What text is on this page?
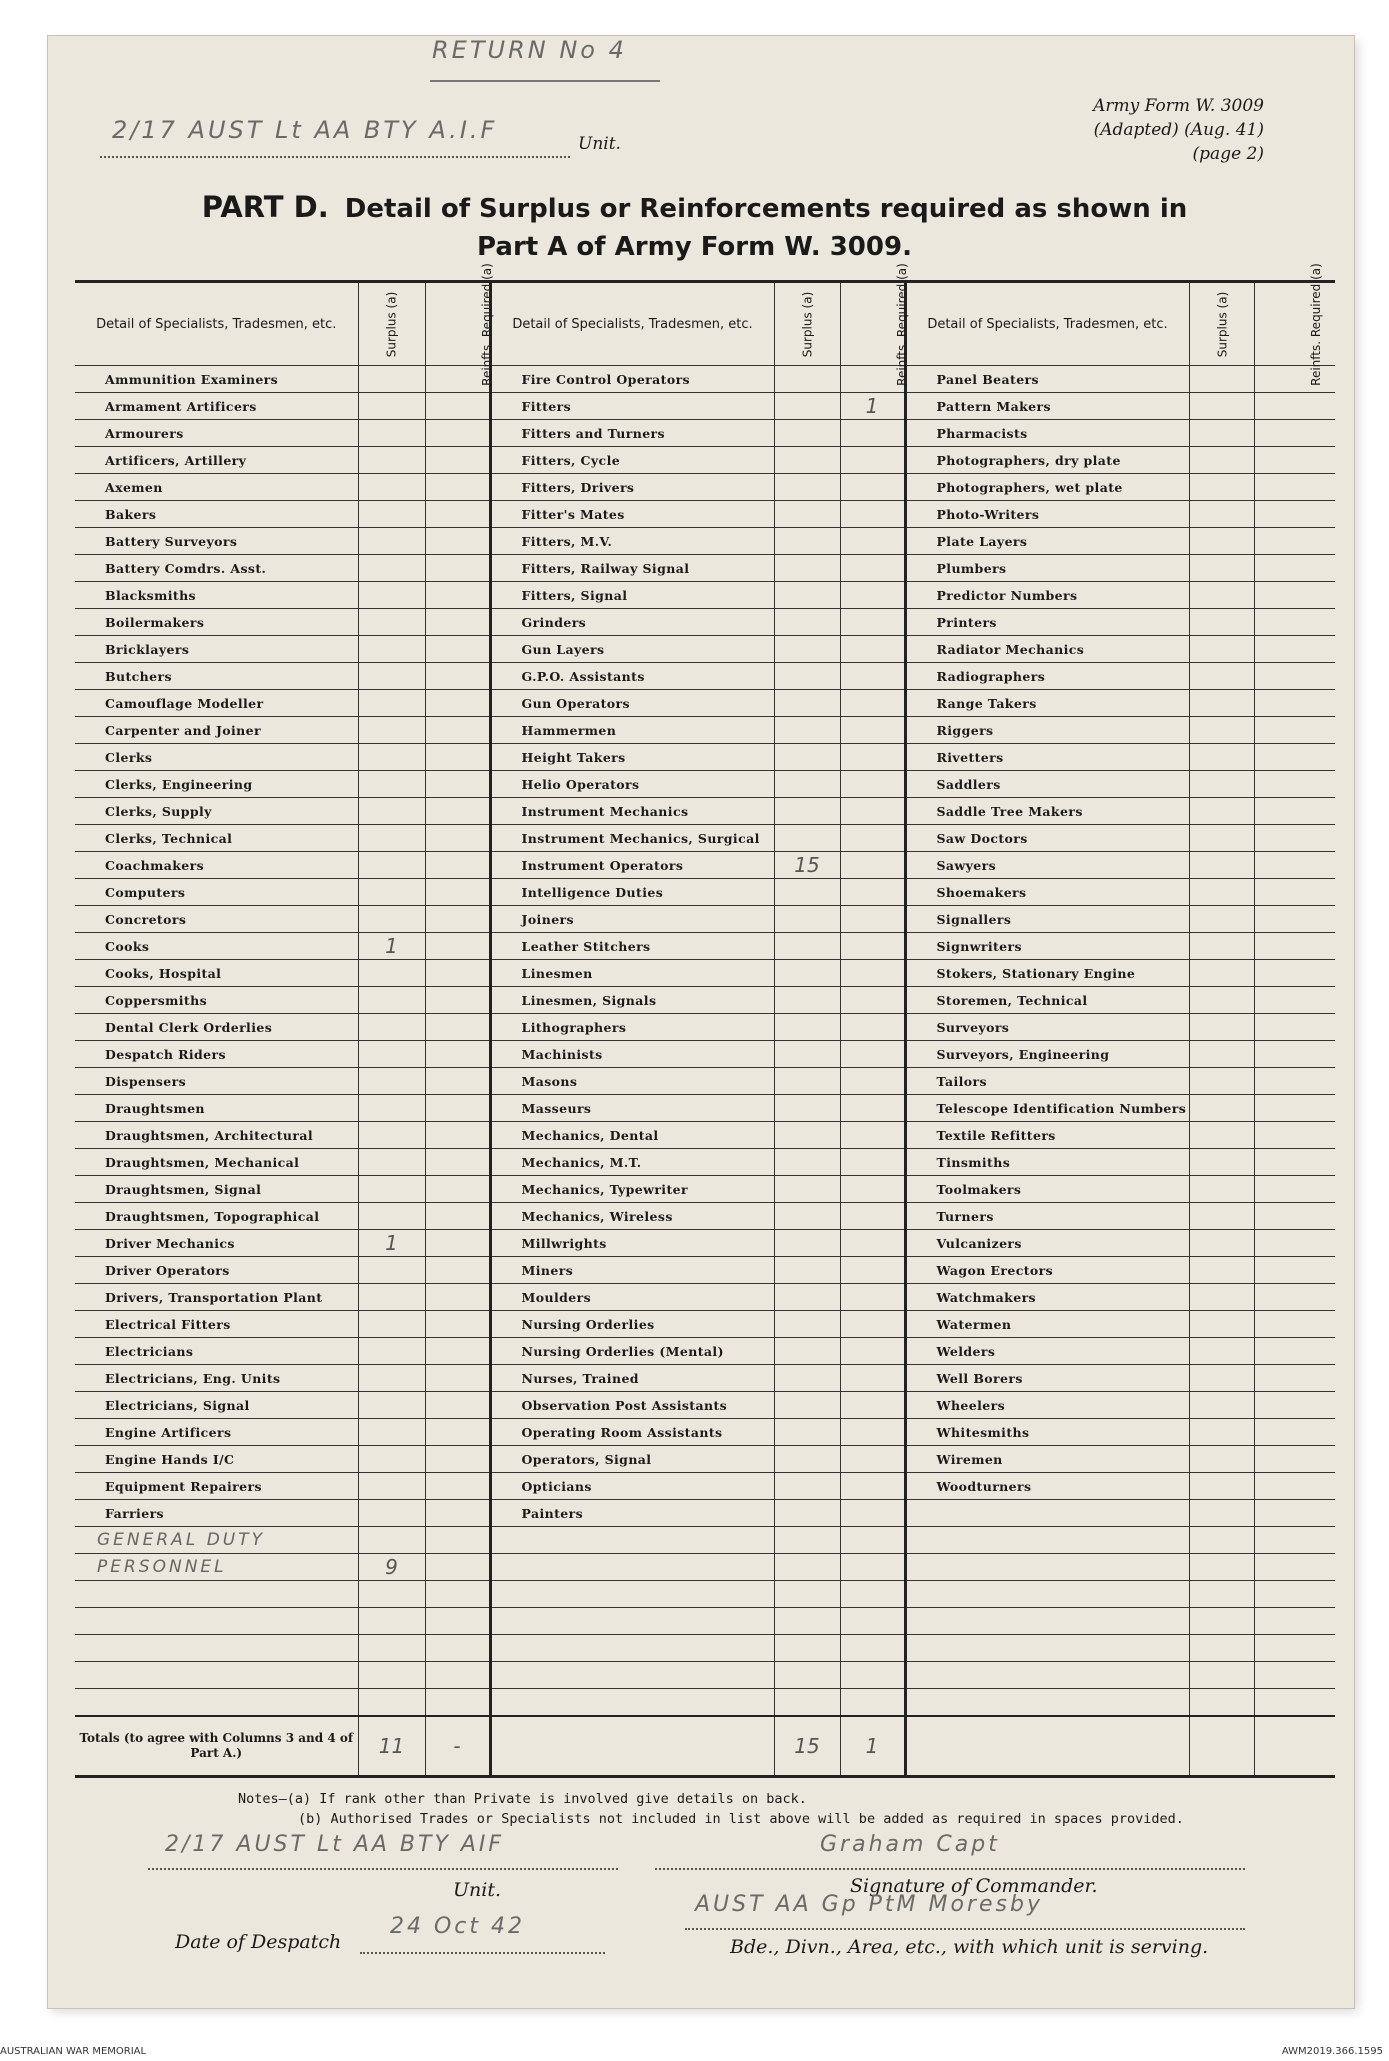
RETURN No 4
2/17 AUST Lt AA BTY A.I.F	Unit.
Army Form W. 3009
(Adapted) (Aug. 41)
(page 2)
PART D. Detail of Surplus or Reinforcements required as shown in
Part A of Army Form W. 3009.
Detail of Specialists, Tradesmen, etc.	Surplus (a)	Reinfts. Required (a)	Detail of Specialists, Tradesmen, etc.	Surplus (a)	Reinfts. Required (a)	Detail of Specialists, Tradesmen, etc.	Surplus (a)	Reinfts. Required (a)
Ammunition Examiners			Fire Control Operators			Panel Beaters		
Armament Artificers			Fitters		1	Pattern Makers		
Armourers			Fitters and Turners			Pharmacists		
Artificers, Artillery			Fitters, Cycle			Photographers, dry plate		
Axemen			Fitters, Drivers			Photographers, wet plate		
Bakers			Fitter's Mates			Photo-Writers		
Battery Surveyors			Fitters, M.V.			Plate Layers		
Battery Comdrs. Asst.			Fitters, Railway Signal			Plumbers		
Blacksmiths			Fitters, Signal			Predictor Numbers		
Boilermakers			Grinders			Printers		
Bricklayers			Gun Layers			Radiator Mechanics		
Butchers			G.P.O. Assistants			Radiographers		
Camouflage Modeller			Gun Operators			Range Takers		
Carpenter and Joiner			Hammermen			Riggers		
Clerks			Height Takers			Rivetters		
Clerks, Engineering			Helio Operators			Saddlers		
Clerks, Supply			Instrument Mechanics			Saddle Tree Makers		
Clerks, Technical			Instrument Mechanics, Surgical			Saw Doctors		
Coachmakers			Instrument Operators	15		Sawyers		
Computers			Intelligence Duties			Shoemakers		
Concretors			Joiners			Signallers		
Cooks	1		Leather Stitchers			Signwriters		
Cooks, Hospital			Linesmen			Stokers, Stationary Engine		
Coppersmiths			Linesmen, Signals			Storemen, Technical		
Dental Clerk Orderlies			Lithographers			Surveyors		
Despatch Riders			Machinists			Surveyors, Engineering		
Dispensers			Masons			Tailors		
Draughtsmen			Masseurs			Telescope Identification Numbers		
Draughtsmen, Architectural			Mechanics, Dental			Textile Refitters		
Draughtsmen, Mechanical			Mechanics, M.T.			Tinsmiths		
Draughtsmen, Signal			Mechanics, Typewriter			Toolmakers		
Draughtsmen, Topographical			Mechanics, Wireless			Turners		
Driver Mechanics	1		Millwrights			Vulcanizers		
Driver Operators			Miners			Wagon Erectors		
Drivers, Transportation Plant			Moulders			Watchmakers		
Electrical Fitters			Nursing Orderlies			Watermen		
Electricians			Nursing Orderlies (Mental)			Welders		
Electricians, Eng. Units			Nurses, Trained			Well Borers		
Electricians, Signal			Observation Post Assistants			Wheelers		
Engine Artificers			Operating Room Assistants			Whitesmiths		
Engine Hands I/C			Operators, Signal			Wiremen		
Equipment Repairers			Opticians			Woodturners		
Farriers			Painters					
GENERAL DUTY								
PERSONNEL	9							

Totals (to agree with Columns 3 and 4 of Part A.)	11	-		15	1			
Notes—(a) If rank other than Private is involved give details on back.
(b) Authorised Trades or Specialists not included in list above will be added as required in spaces provided.
2/17 AUST Lt AA BTY AIF
Unit.
Graham Capt
Signature of Commander.
Date of Despatch
24 Oct 42
AUST AA Gp PtM Moresby
Bde., Divn., Area, etc., with which unit is serving.
AUSTRALIAN WAR MEMORIAL	AWM2019.366.1595
